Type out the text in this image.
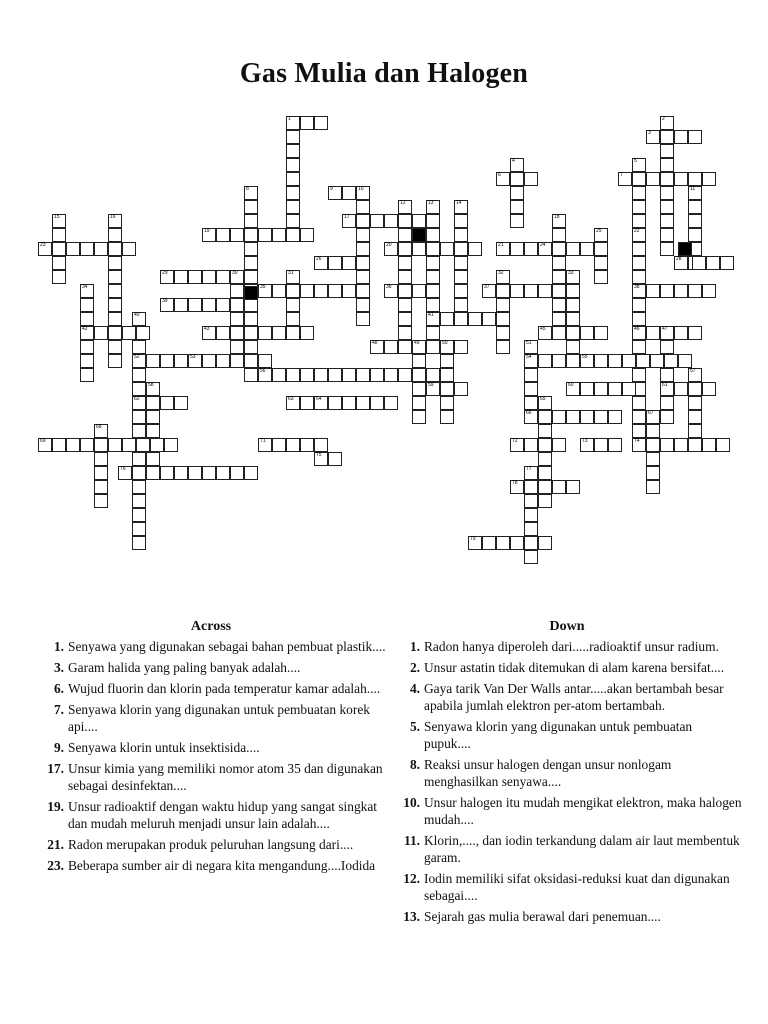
Gas Mulia dan Halogen
1	2
3
4
6
5
22
7
8	9	10	11
12	13
41
14
15	16	17	18
19
20	21
23	24
25
26
38
46
28
29	30	31	32	33
35	36	37
39
40
52
62
34
42	43	45	47
61
48	49	50	51
54
66
53	55
56	57
58	59	60
63	64	65
67
68
69	71	72	73	74
75
76	77
78
79
Across
1. Senyawa yang digunakan sebagai bahan pembuat plastik....
3. Garam halida yang paling banyak adalah....
6. Wujud fluorin dan klorin pada temperatur kamar adalah....
7. Senyawa klorin yang digunakan untuk pembuatan korek api....
9. Senyawa klorin untuk insektisida....
17. Unsur kimia yang memiliki nomor atom 35 dan digunakan sebagai desinfektan....
19. Unsur radioaktif dengan waktu hidup yang sangat singkat dan mudah meluruh menjadi unsur lain adalah....
21. Radon merupakan produk peluruhan langsung dari....
23. Beberapa sumber air di negara kita mengandung....Iodida
Down
1. Radon hanya diperoleh dari.....radioaktif unsur radium.
2. Unsur astatin tidak ditemukan di alam karena bersifat....
4. Gaya tarik Van Der Walls antar.....akan bertambah besar apabila jumlah elektron per-atom bertambah.
5. Senyawa klorin yang digunakan untuk pembuatan pupuk....
8. Reaksi unsur halogen dengan unsur nonlogam menghasilkan senyawa....
10. Unsur halogen itu mudah mengikat elektron, maka halogen mudah....
11. Klorin,...., dan iodin terkandung dalam air laut membentuk garam.
12. Iodin memiliki sifat oksidasi-reduksi kuat dan digunakan sebagai....
13. Sejarah gas mulia berawal dari penemuan....
